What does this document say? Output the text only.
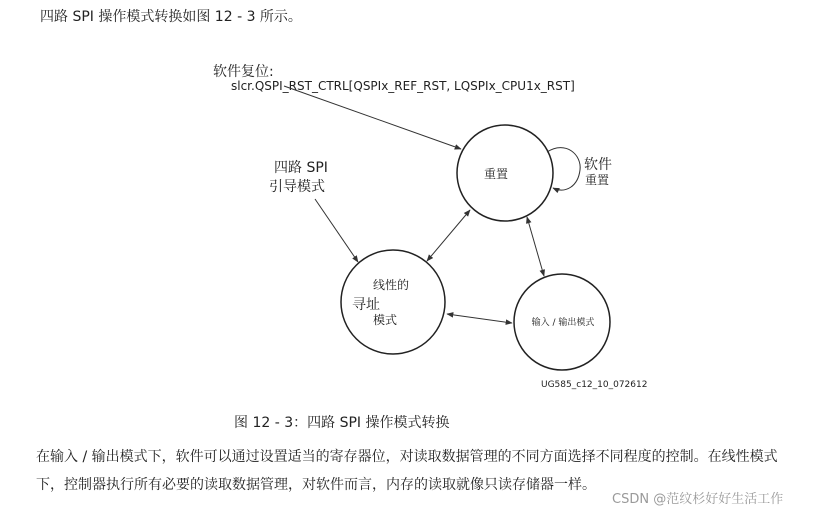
四路 SPI 操作模式转换如图 12 - 3 所示。
软件复位:
slcr.QSPI_RST_CTRL[QSPIx_REF_RST, LQSPIx_CPU1x_RST]
四路 SPI
引导模式
重置
线性的
寻址
模式	输入 / 输出模式
软件
重置
UG585_c12_10_072612
图 12 - 3：四路 SPI 操作模式转换
在输入 / 输出模式下，软件可以通过设置适当的寄存器位，对读取数据管理的不同方面选择不同程度的控制。在线性模式下，控制器执行所有必要的读取数据管理，对软件而言，内存的读取就像只读存储器一样。
CSDN @范纹杉好好生活工作
